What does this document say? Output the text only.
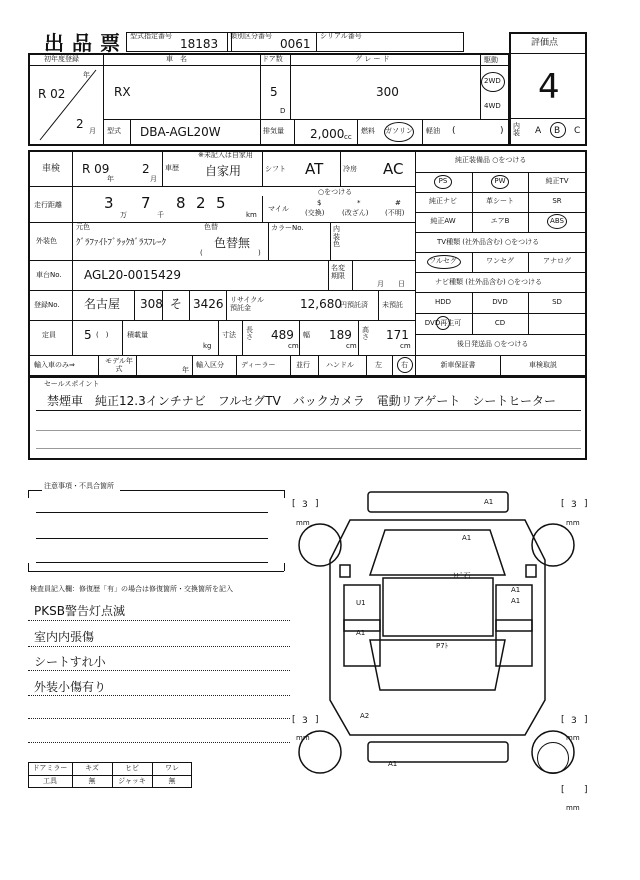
出品票 型式指定番号
18183
類別区分番号
0061
シリアル番号
評価点
4
内装	A B C
初年度登録
年
R 02
2 月
車　名
RX
ドア数
5
D
グ レ ー ド
300
駆動
2WD
4WD
型式 DBA-AGL20W	排気量 2,000 cc
燃料 ガソリン 軽油 (	)
車検 R 09
年
2
月
車歴
※未記入は自家用
自家用	シフト AT	冷房 AC
走行距離	3
万
7
千
8 2 5
km
○をつける
マイル
$
(交換)
*
(改ざん)
#
(不明)
外装色
元色
ｸﾞﾗﾌｧｲﾄﾌﾞﾗｯｸｶﾞﾗｽﾌﾚｰｸ
色替
色替無
(	)
カラーNo.	内装色
車台No. AGL20-0015429	名変期限
月　　日
登録No. 名古屋 308 そ 3426 リサイクル預託金	12,680
円預託済 未預託
定員 5 (　)	積載量
kg
寸法
長さ 489
cm
幅 189
cm
高さ 171
cm
輸入車のみ⇒	モデル年式	年
輸入区分 ディーラー	並行 ハンドル	左	右
純正装備品 ○をつける
PS	PW	純正TV
純正ナビ	革シート	SR
純正AW	エアB	ABS
TV種類 (社外品含む) ○をつける
フルセグ	ワンセグ	アナログ
ナビ種類 (社外品含む) ○をつける
HDD	DVD	SD
DVD再生可	CD
後日発送品 ○をつける
新車保証書	車検取説
セールスポイント
禁煙車　純正12.3インチナビ　フルセグTV　バックカメラ　電動リアゲート　シートヒーター
注意事項・不具合箇所
検査員記入欄：修復歴「有」の場合は修復箇所・交換箇所を記入
PKSB警告灯点滅
室内内張傷
シートすれ小
外装小傷有り
ドアミラー	キズ	ヒビ	ワレ
工具	無	ジャッキ	無
[ 3 ]
mm
[ 3 ]
mm
[ 3 ]
mm
[ 3 ]
mm
[ ]
mm
A1
A1
ﾄﾋﾞ石
A1
A1
U1
A1
P7ﾄ
A2
A1
